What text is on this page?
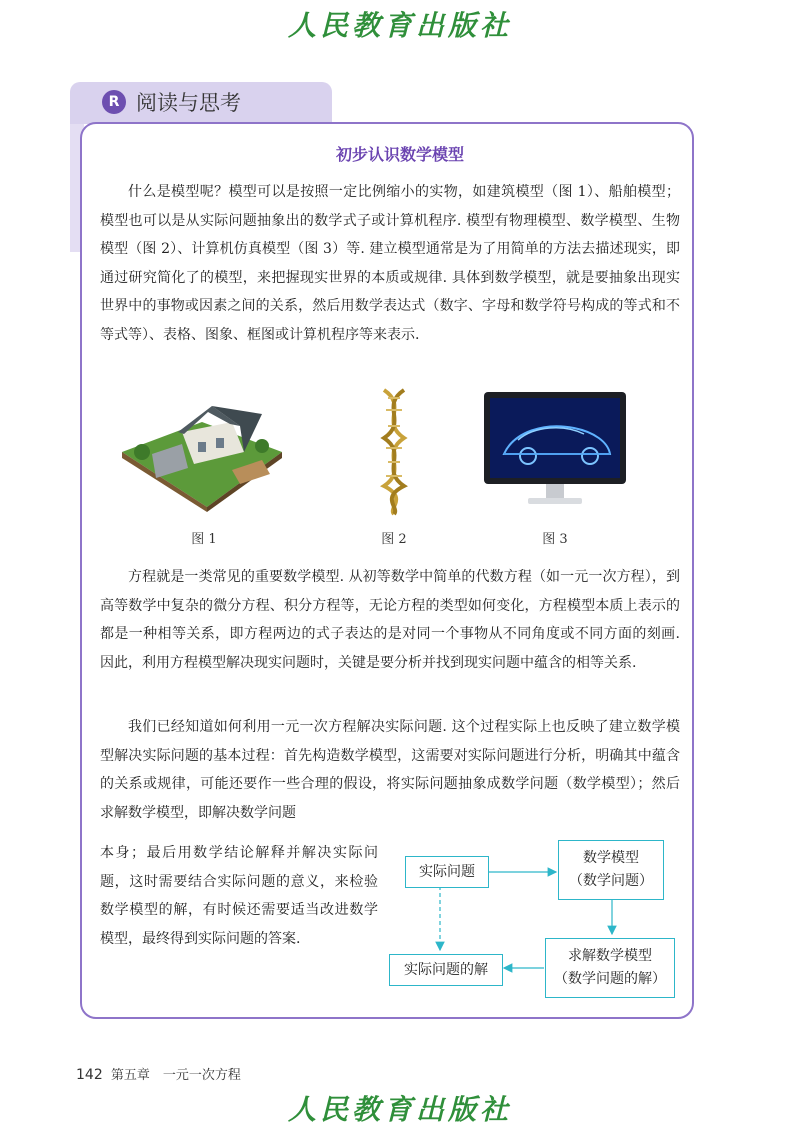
人民教育出版社
R 阅读与思考
初步认识数学模型

什么是模型呢？模型可以是按照一定比例缩小的实物，如建筑模型（图 1）、船舶模型；模型也可以是从实际问题抽象出的数学式子或计算机程序. 模型有物理模型、数学模型、生物模型（图 2）、计算机仿真模型（图 3）等. 建立模型通常是为了用简单的方法去描述现实，即通过研究简化了的模型，来把握现实世界的本质或规律. 具体到数学模型，就是要抽象出现实世界中的事物或因素之间的关系，然后用数学表达式（数字、字母和数学符号构成的等式和不等式等）、表格、图象、框图或计算机程序等来表示.

图 1	图 2	图 3

方程就是一类常见的重要数学模型. 从初等数学中简单的代数方程（如一元一次方程），到高等数学中复杂的微分方程、积分方程等，无论方程的类型如何变化，方程模型本质上表示的都是一种相等关系，即方程两边的式子表达的是对同一个事物从不同角度或不同方面的刻画. 因此，利用方程模型解决现实问题时，关键是要分析并找到现实问题中蕴含的相等关系.

我们已经知道如何利用一元一次方程解决实际问题. 这个过程实际上也反映了建立数学模型解决实际问题的基本过程：首先构造数学模型，这需要对实际问题进行分析，明确其中蕴含的关系或规律，可能还要作一些合理的假设，将实际问题抽象成数学问题（数学模型）；然后求解数学模型，即解决数学问题

本身；最后用数学结论解释并解决实际问题，这时需要结合实际问题的意义，来检验数学模型的解，有时候还需要适当改进数学模型，最终得到实际问题的答案.

实际问题
数学模型
（数学问题）
求解数学模型
（数学问题的解）
实际问题的解
142 第五章　一元一次方程
人民教育出版社
